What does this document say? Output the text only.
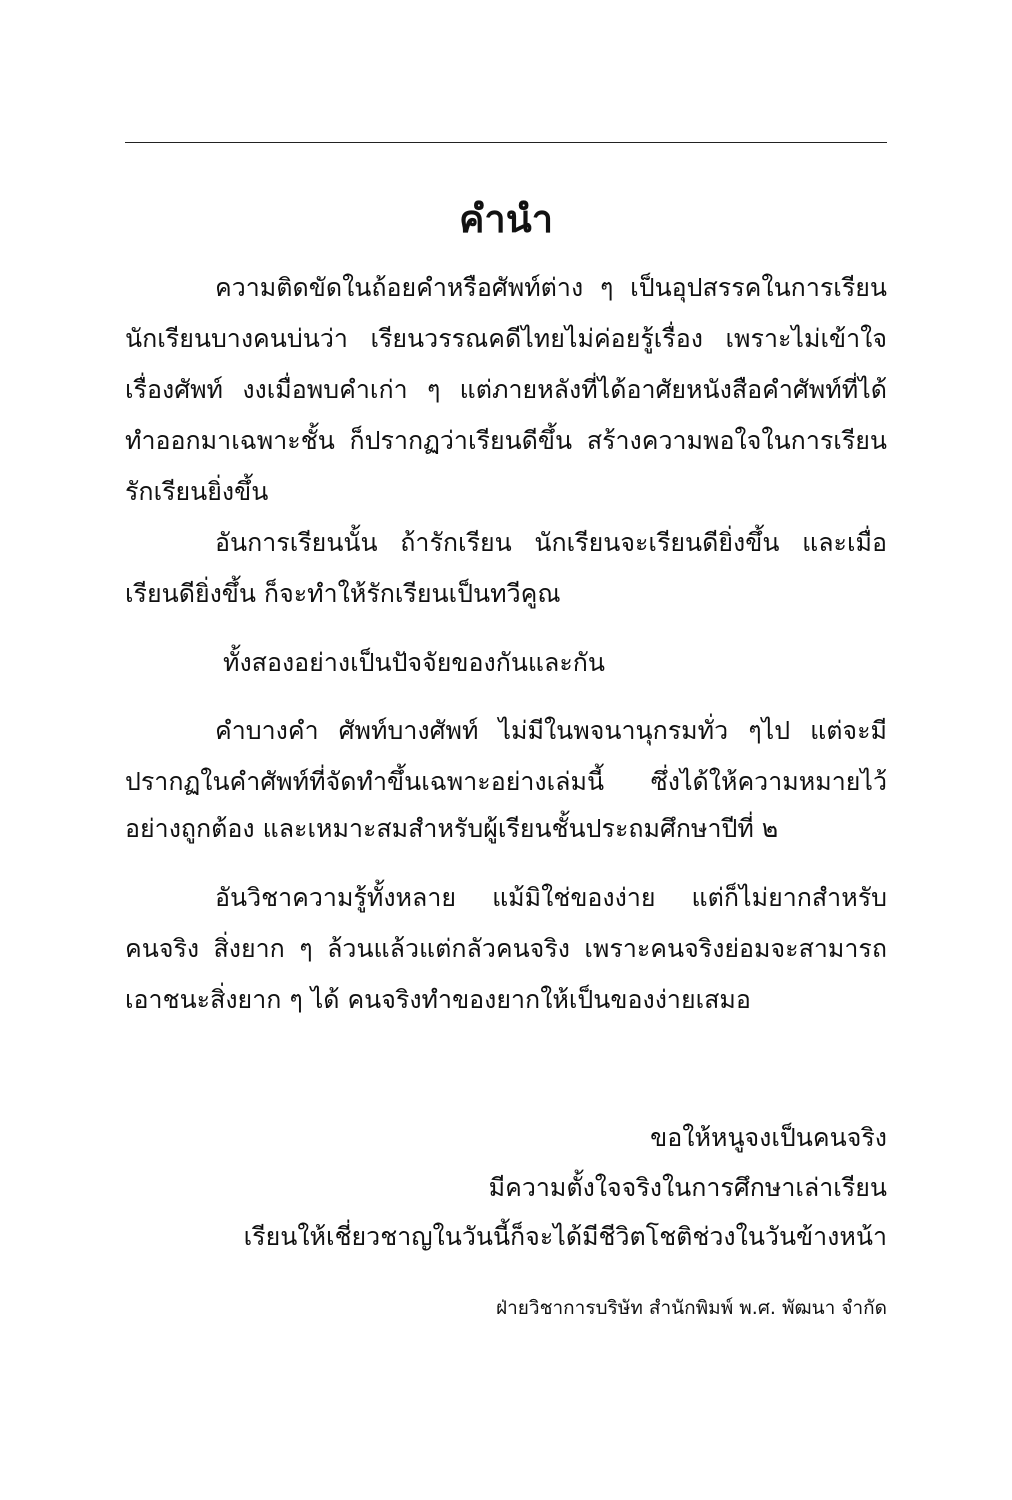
คำนำ
ความติดขัดในถ้อยคำหรือศัพท์ต่าง ๆ เป็นอุปสรรคในการเรียน
นักเรียนบางคนบ่นว่า เรียนวรรณคดีไทยไม่ค่อยรู้เรื่อง เพราะไม่เข้าใจ
เรื่องศัพท์ งงเมื่อพบคำเก่า ๆ แต่ภายหลังที่ได้อาศัยหนังสือคำศัพท์ที่ได้
ทำออกมาเฉพาะชั้น ก็ปรากฏว่าเรียนดีขึ้น สร้างความพอใจในการเรียน
รักเรียนยิ่งขึ้น
อันการเรียนนั้น ถ้ารักเรียน นักเรียนจะเรียนดียิ่งขึ้น และเมื่อ
เรียนดียิ่งขึ้น ก็จะทำให้รักเรียนเป็นทวีคูณ
ทั้งสองอย่างเป็นปัจจัยของกันและกัน
คำบางคำ ศัพท์บางศัพท์ ไม่มีในพจนานุกรมทั่ว ๆไป แต่จะมี
ปรากฏในคำศัพท์ที่จัดทำขึ้นเฉพาะอย่างเล่มนี้ ซึ่งได้ให้ความหมายไว้
อย่างถูกต้อง และเหมาะสมสำหรับผู้เรียนชั้นประถมศึกษาปีที่ ๒
อันวิชาความรู้ทั้งหลาย แม้มิใช่ของง่าย แต่ก็ไม่ยากสำหรับ
คนจริง สิ่งยาก ๆ ล้วนแล้วแต่กลัวคนจริง เพราะคนจริงย่อมจะสามารถ
เอาชนะสิ่งยาก ๆ ได้ คนจริงทำของยากให้เป็นของง่ายเสมอ
ขอให้หนูจงเป็นคนจริง
มีความตั้งใจจริงในการศึกษาเล่าเรียน
เรียนให้เชี่ยวชาญในวันนี้ก็จะได้มีชีวิตโชติช่วงในวันข้างหน้า
ฝ่ายวิชาการบริษัท สำนักพิมพ์ พ.ศ. พัฒนา จำกัด
